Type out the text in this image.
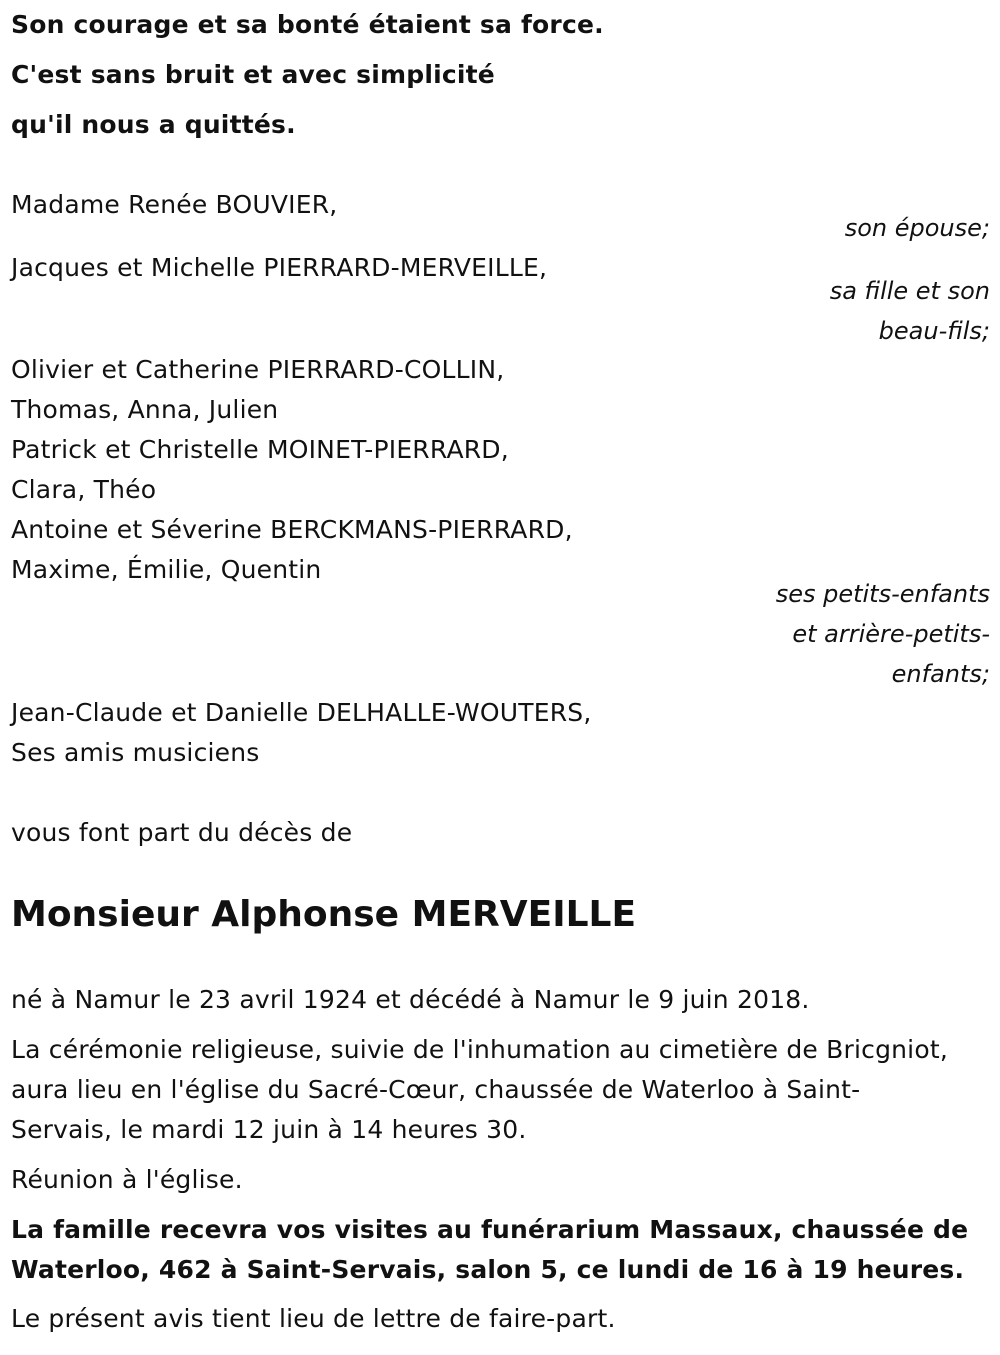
Son courage et sa bonté étaient sa force.
C'est sans bruit et avec simplicité
qu'il nous a quittés.
Madame Renée BOUVIER,
son épouse;
Jacques et Michelle PIERRARD-MERVEILLE,
sa fille et son
beau-fils;
Olivier et Catherine PIERRARD-COLLIN,
Thomas, Anna, Julien
Patrick et Christelle MOINET-PIERRARD,
Clara, Théo
Antoine et Séverine BERCKMANS-PIERRARD,
Maxime, Émilie, Quentin
ses petits-enfants
et arrière-petits-
enfants;
Jean-Claude et Danielle DELHALLE-WOUTERS,
Ses amis musiciens
vous font part du décès de
Monsieur Alphonse MERVEILLE
né à Namur le 23 avril 1924 et décédé à Namur le 9 juin 2018.
La cérémonie religieuse, suivie de l'inhumation au cimetière de Bricgniot,
aura lieu en l'église du Sacré-Cœur, chaussée de Waterloo à Saint-
Servais, le mardi 12 juin à 14 heures 30.
Réunion à l'église.
La famille recevra vos visites au funérarium Massaux, chaussée de
Waterloo, 462 à Saint-Servais, salon 5, ce lundi de 16 à 19 heures.
Le présent avis tient lieu de lettre de faire-part.
